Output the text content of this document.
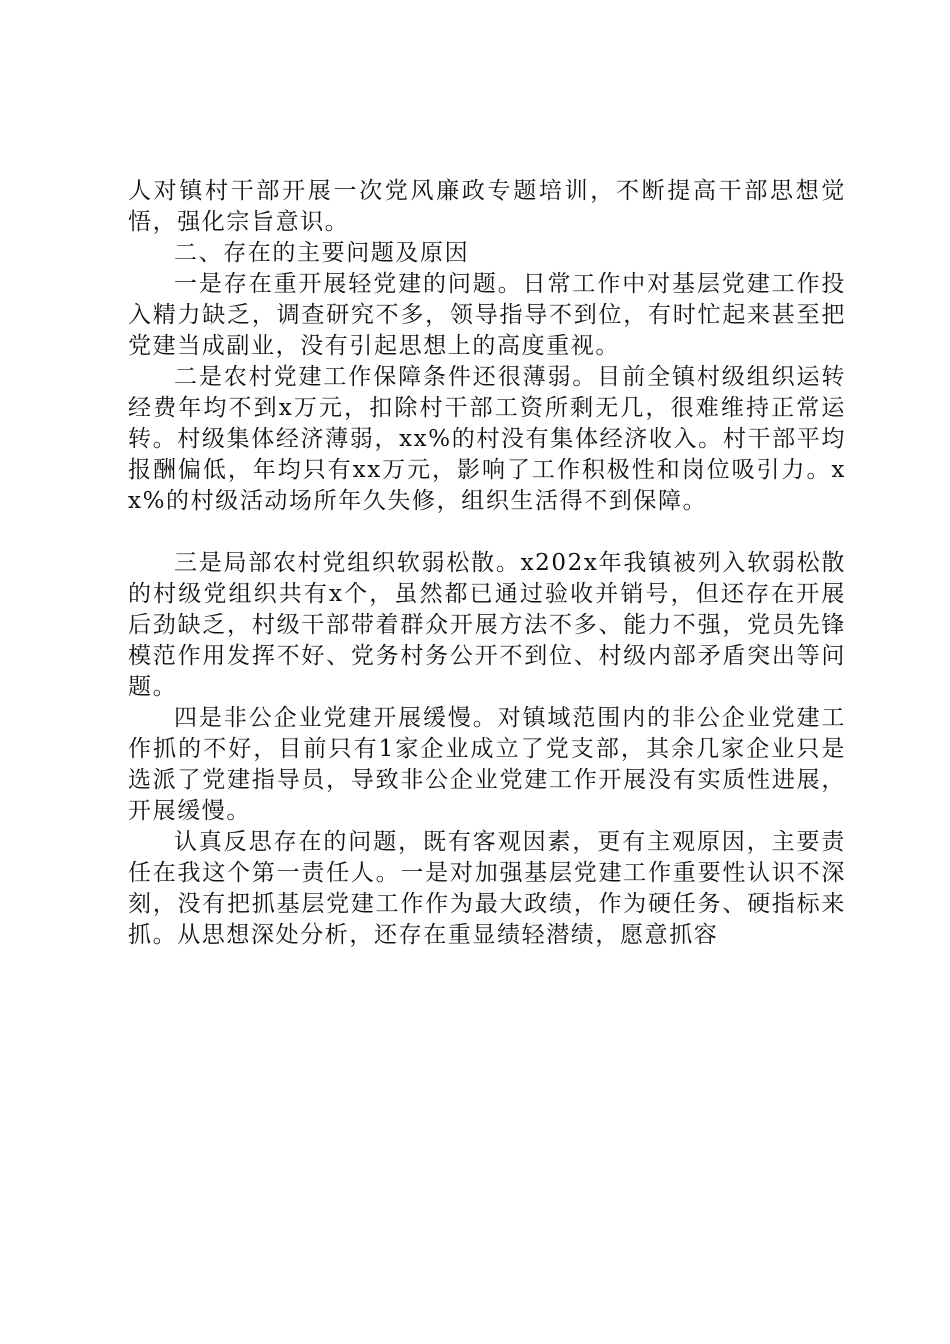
人对镇村干部开展一次党风廉政专题培训，不断提高干部思想觉悟，强化宗旨意识。

二、存在的主要问题及原因

一是存在重开展轻党建的问题。日常工作中对基层党建工作投入精力缺乏，调查研究不多，领导指导不到位，有时忙起来甚至把党建当成副业，没有引起思想上的高度重视。

二是农村党建工作保障条件还很薄弱。目前全镇村级组织运转经费年均不到x万元，扣除村干部工资所剩无几，很难维持正常运转。村级集体经济薄弱，xx%的村没有集体经济收入。村干部平均报酬偏低，年均只有xx万元，影响了工作积极性和岗位吸引力。xx%的村级活动场所年久失修，组织生活得不到保障。

三是局部农村党组织软弱松散。x202x年我镇被列入软弱松散的村级党组织共有x个，虽然都已通过验收并销号，但还存在开展后劲缺乏，村级干部带着群众开展方法不多、能力不强，党员先锋模范作用发挥不好、党务村务公开不到位、村级内部矛盾突出等问题。

四是非公企业党建开展缓慢。对镇域范围内的非公企业党建工作抓的不好，目前只有1家企业成立了党支部，其余几家企业只是选派了党建指导员，导致非公企业党建工作开展没有实质性进展，开展缓慢。

认真反思存在的问题，既有客观因素，更有主观原因，主要责任在我这个第一责任人。一是对加强基层党建工作重要性认识不深刻，没有把抓基层党建工作作为最大政绩，作为硬任务、硬指标来抓。从思想深处分析，还存在重显绩轻潜绩，愿意抓容
